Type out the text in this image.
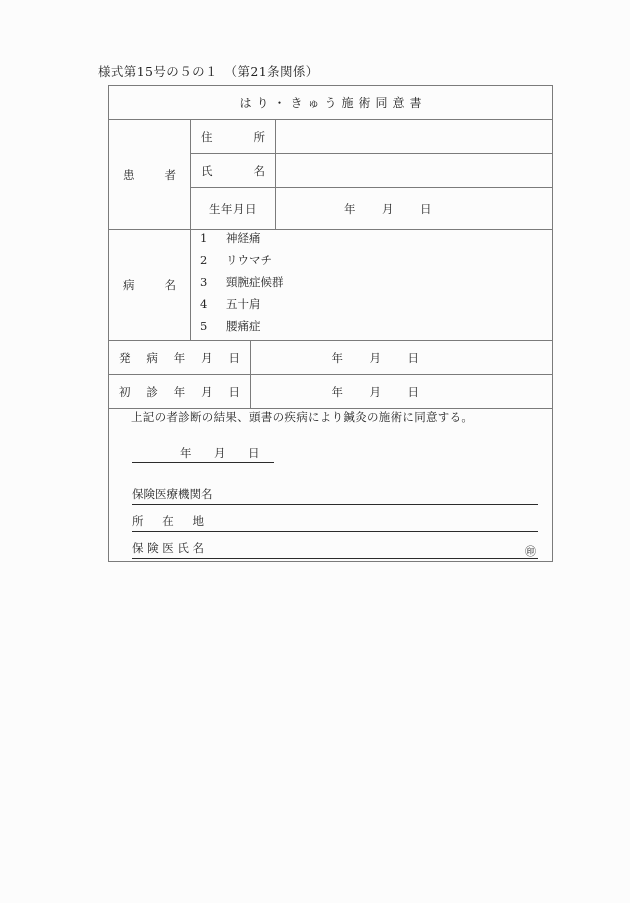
様式第15号の５の１　（第21条関係）
はり・きゅう施術同意書			

患者	住所		

	氏名		

	生年月日		年 月 日

病名

1	神経痛
2	リウマチ
3	頸腕症候群
4	五十肩
5	腰痛症

発病年月日		年 月 日	

初診年月日		年 月 日	

上記の者診断の結果、頭書の疾病により鍼灸の施術に同意する。
年 月 日
保険医療機関名
所在地
保険医氏名	㊞
